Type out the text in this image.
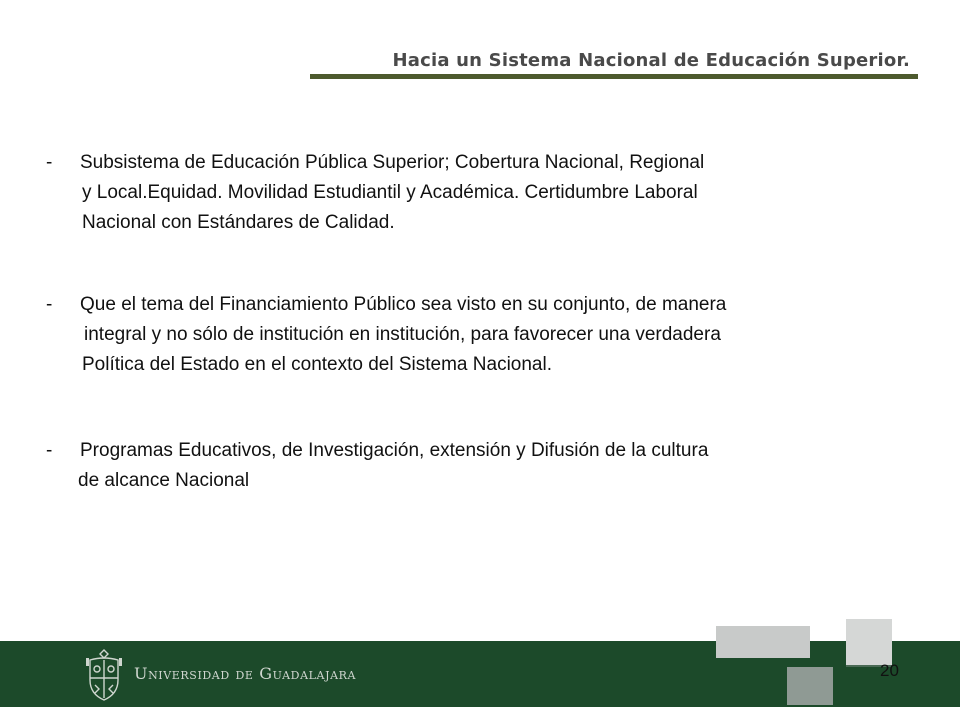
Hacia un Sistema Nacional de Educación Superior.
-	Subsistema de Educación Pública Superior; Cobertura Nacional, Regional
y Local.Equidad. Movilidad Estudiantil y Académica. Certidumbre Laboral
Nacional con Estándares de Calidad.
-	Que el tema del Financiamiento Público sea visto en su conjunto, de manera
integral y no sólo de institución en institución, para favorecer una verdadera
Política del Estado en el contexto del Sistema Nacional.
-	Programas Educativos, de Investigación, extensión y Difusión de la cultura
de alcance Nacional
Universidad de Guadalajara	20
